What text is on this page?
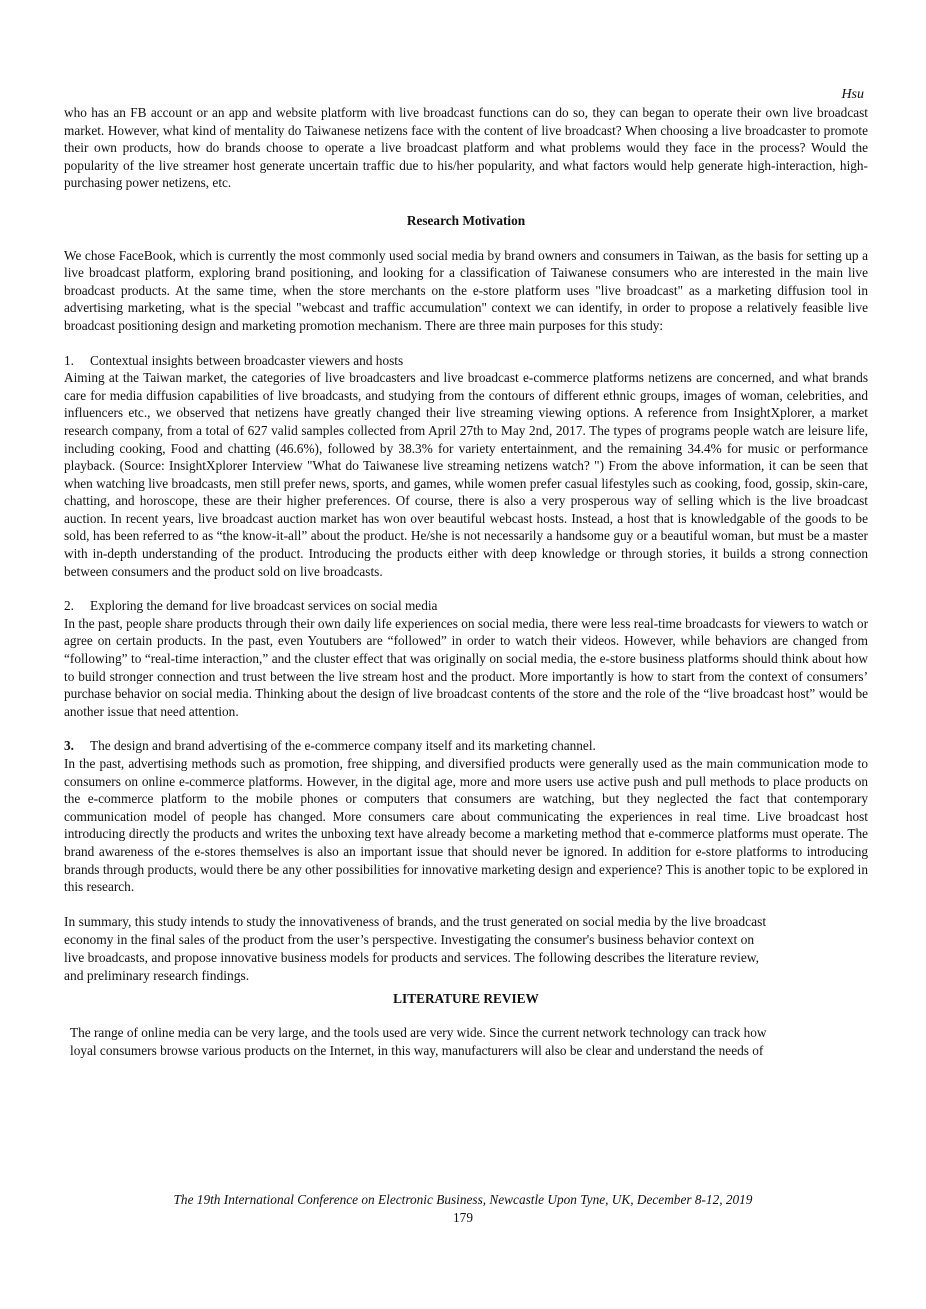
Hsu

who has an FB account or an app and website platform with live broadcast functions can do so, they can began to operate their own live broadcast market. However, what kind of mentality do Taiwanese netizens face with the content of live broadcast? When choosing a live broadcaster to promote their own products, how do brands choose to operate a live broadcast platform and what problems would they face in the process? Would the popularity of the live streamer host generate uncertain traffic due to his/her popularity, and what factors would help generate high-interaction, high-purchasing power netizens, etc.

Research Motivation

We chose FaceBook, which is currently the most commonly used social media by brand owners and consumers in Taiwan, as the basis for setting up a live broadcast platform, exploring brand positioning, and looking for a classification of Taiwanese consumers who are interested in the main live broadcast products. At the same time, when the store merchants on the e-store platform uses "live broadcast" as a marketing diffusion tool in advertising marketing, what is the special "webcast and traffic accumulation" context we can identify, in order to propose a relatively feasible live broadcast positioning design and marketing promotion mechanism. There are three main purposes for this study:

1. Contextual insights between broadcaster viewers and hosts

Aiming at the Taiwan market, the categories of live broadcasters and live broadcast e-commerce platforms netizens are concerned, and what brands care for media diffusion capabilities of live broadcasts, and studying from the contours of different ethnic groups, images of woman, celebrities, and influencers etc., we observed that netizens have greatly changed their live streaming viewing options. A reference from InsightXplorer, a market research company, from a total of 627 valid samples collected from April 27th to May 2nd, 2017. The types of programs people watch are leisure life, including cooking, Food and chatting (46.6%), followed by 38.3% for variety entertainment, and the remaining 34.4% for music or performance playback. (Source: InsightXplorer Interview "What do Taiwanese live streaming netizens watch? ") From the above information, it can be seen that when watching live broadcasts, men still prefer news, sports, and games, while women prefer casual lifestyles such as cooking, food, gossip, skin-care, chatting, and horoscope, these are their higher preferences. Of course, there is also a very prosperous way of selling which is the live broadcast auction. In recent years, live broadcast auction market has won over beautiful webcast hosts. Instead, a host that is knowledgable of the goods to be sold, has been referred to as “the know-it-all” about the product. He/she is not necessarily a handsome guy or a beautiful woman, but must be a master with in-depth understanding of the product. Introducing the products either with deep knowledge or through stories, it builds a strong connection between consumers and the product sold on live broadcasts.

2. Exploring the demand for live broadcast services on social media

In the past, people share products through their own daily life experiences on social media, there were less real-time broadcasts for viewers to watch or agree on certain products. In the past, even Youtubers are “followed” in order to watch their videos. However, while behaviors are changed from “following” to “real-time interaction,” and the cluster effect that was originally on social media, the e-store business platforms should think about how to build stronger connection and trust between the live stream host and the product. More importantly is how to start from the context of consumers’ purchase behavior on social media. Thinking about the design of live broadcast contents of the store and the role of the “live broadcast host” would be another issue that need attention.

3. The design and brand advertising of the e-commerce company itself and its marketing channel.

In the past, advertising methods such as promotion, free shipping, and diversified products were generally used as the main communication mode to consumers on online e-commerce platforms. However, in the digital age, more and more users use active push and pull methods to place products on the e-commerce platform to the mobile phones or computers that consumers are watching, but they neglected the fact that contemporary communication model of people has changed. More consumers care about communicating the experiences in real time. Live broadcast host introducing directly the products and writes the unboxing text have already become a marketing method that e-commerce platforms must operate. The brand awareness of the e-stores themselves is also an important issue that should never be ignored. In addition for e-store platforms to introducing brands through products, would there be any other possibilities for innovative marketing design and experience? This is another topic to be explored in this research.

In summary, this study intends to study the innovativeness of brands, and the trust generated on social media by the live broadcast
economy in the final sales of the product from the user’s perspective. Investigating the consumer's business behavior context on
live broadcasts, and propose innovative business models for products and services. The following describes the literature review,
and preliminary research findings.

LITERATURE REVIEW

The range of online media can be very large, and the tools used are very wide. Since the current network technology can track how
loyal consumers browse various products on the Internet, in this way, manufacturers will also be clear and understand the needs of
The 19th International Conference on Electronic Business, Newcastle Upon Tyne, UK, December 8-12, 2019
179
